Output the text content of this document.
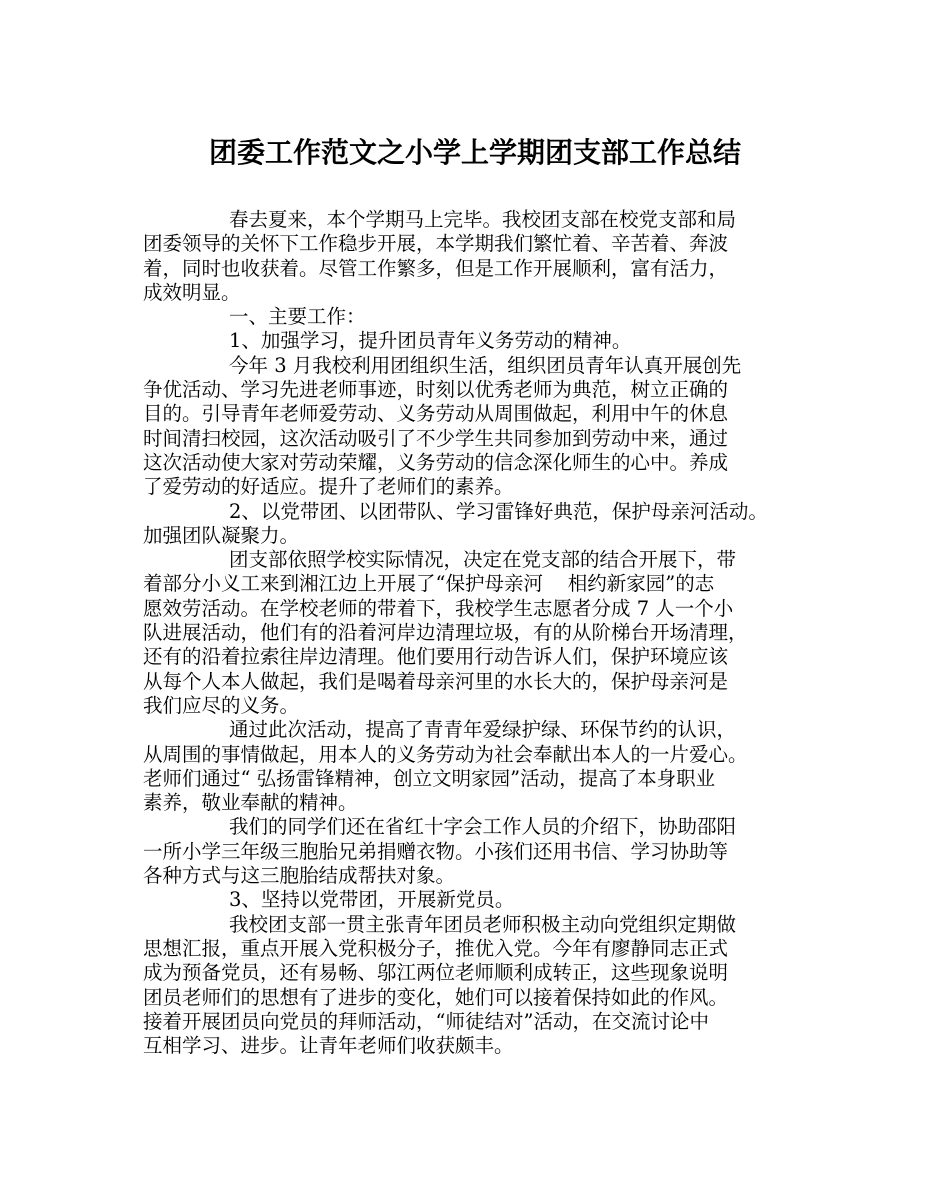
团委工作范文之小学上学期团支部工作总结
春去夏来，本个学期马上完毕。我校团支部在校党支部和局
团委领导的关怀下工作稳步开展，本学期我们繁忙着、辛苦着、奔波
着，同时也收获着。尽管工作繁多，但是工作开展顺利，富有活力，
成效明显。
一、主要工作：
1、加强学习，提升团员青年义务劳动的精神。
今年 3 月我校利用团组织生活，组织团员青年认真开展创先
争优活动、学习先进老师事迹，时刻以优秀老师为典范，树立正确的
目的。引导青年老师爱劳动、义务劳动从周围做起，利用中午的休息
时间清扫校园，这次活动吸引了不少学生共同参加到劳动中来，通过
这次活动使大家对劳动荣耀，义务劳动的信念深化师生的心中。养成
了爱劳动的好适应。提升了老师们的素养。
2、以党带团、以团带队、学习雷锋好典范，保护母亲河活动。
加强团队凝聚力。
团支部依照学校实际情况，决定在党支部的结合开展下，带
着部分小义工来到湘江边上开展了“保护母亲河    相约新家园”的志
愿效劳活动。在学校老师的带着下，我校学生志愿者分成 7 人一个小
队进展活动，他们有的沿着河岸边清理垃圾，有的从阶梯台开场清理，
还有的沿着拉索往岸边清理。他们要用行动告诉人们，保护环境应该
从每个人本人做起，我们是喝着母亲河里的水长大的，保护母亲河是
我们应尽的义务。
通过此次活动，提高了青青年爱绿护绿、环保节约的认识，
从周围的事情做起，用本人的义务劳动为社会奉献出本人的一片爱心。
老师们通过“ 弘扬雷锋精神，创立文明家园”活动，提高了本身职业
素养，敬业奉献的精神。
我们的同学们还在省红十字会工作人员的介绍下，协助邵阳
一所小学三年级三胞胎兄弟捐赠衣物。小孩们还用书信、学习协助等
各种方式与这三胞胎结成帮扶对象。
3、坚持以党带团，开展新党员。
我校团支部一贯主张青年团员老师积极主动向党组织定期做
思想汇报，重点开展入党积极分子，推优入党。今年有廖静同志正式
成为预备党员，还有易畅、邬江两位老师顺利成转正，这些现象说明
团员老师们的思想有了进步的变化，她们可以接着保持如此的作风。
接着开展团员向党员的拜师活动，“师徒结对”活动，在交流讨论中
互相学习、进步。让青年老师们收获颇丰。
